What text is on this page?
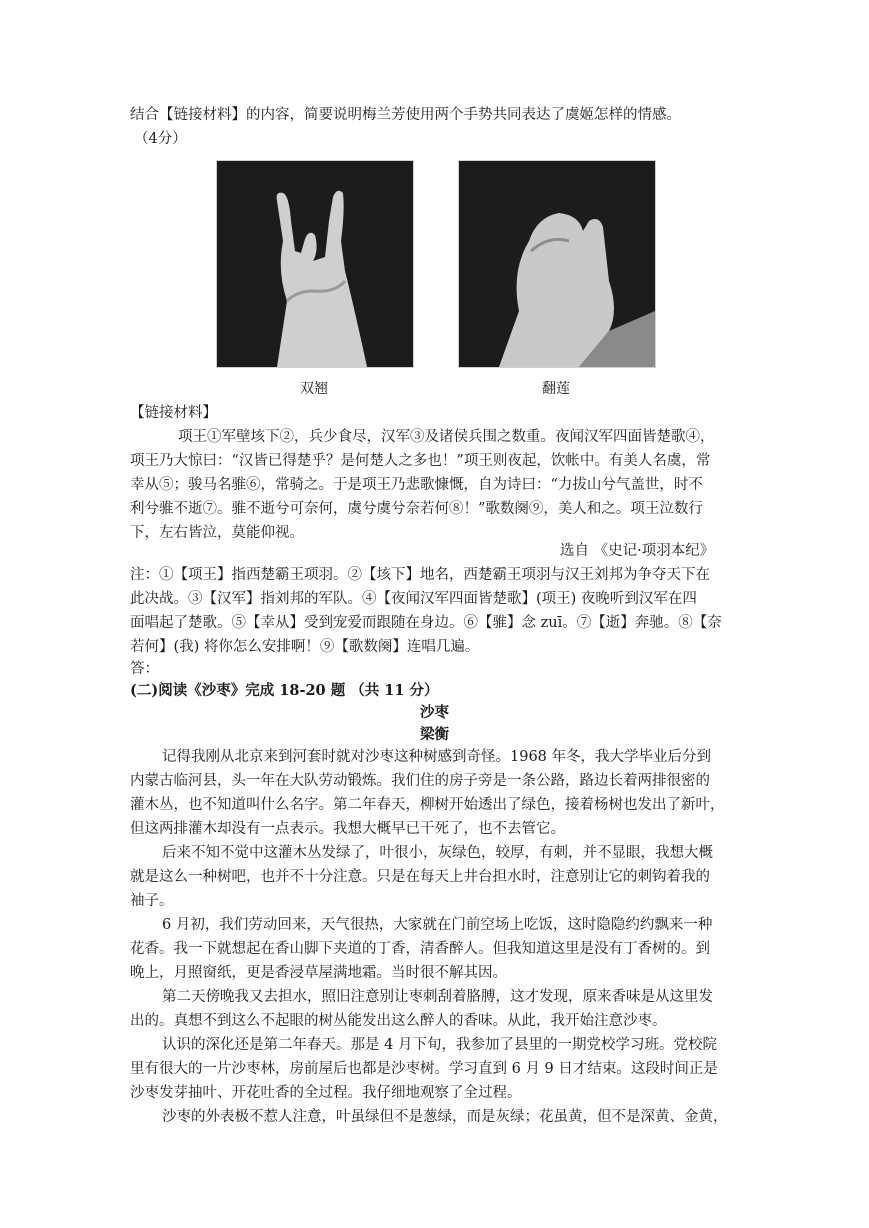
结合【链接材料】的内容，简要说明梅兰芳使用两个手势共同表达了虞姬怎样的情感。
（4分）
双翘	翻莲
【链接材料】
项王①军壁垓下②，兵少食尽，汉军③及诸侯兵围之数重。夜闻汉军四面皆楚歌④，
项王乃大惊曰：“汉皆已得楚乎？是何楚人之多也！”项王则夜起，饮帐中。有美人名虞，常
幸从⑤；骏马名骓⑥，常骑之。于是项王乃悲歌慷慨，自为诗曰：“力拔山兮气盖世，时不
利兮骓不逝⑦。骓不逝兮可奈何，虞兮虞兮奈若何⑧！”歌数阕⑨，美人和之。项王泣数行
下，左右皆泣，莫能仰视。
选自 《史记·项羽本纪》
注：①【项王】指西楚霸王项羽。②【垓下】地名，西楚霸王项羽与汉王刘邦为争夺天下在
此决战。③【汉军】指刘邦的军队。④【夜闻汉军四面皆楚歌】(项王) 夜晚听到汉军在四
面唱起了楚歌。⑤【幸从】受到宠爱而跟随在身边。⑥【骓】念 zuī。⑦【逝】奔驰。⑧【奈
若何】(我) 将你怎么安排啊！⑨【歌数阕】连唱几遍。
答：
(二)阅读《沙枣》完成 18-20 题 （共 11 分）
沙枣
梁衡
记得我刚从北京来到河套时就对沙枣这种树感到奇怪。1968 年冬，我大学毕业后分到
内蒙古临河县，头一年在大队劳动锻炼。我们住的房子旁是一条公路，路边长着两排很密的
灌木丛，也不知道叫什么名字。第二年春天，柳树开始透出了绿色，接着杨树也发出了新叶，
但这两排灌木却没有一点表示。我想大概早已干死了，也不去管它。
后来不知不觉中这灌木丛发绿了，叶很小，灰绿色，较厚，有刺，并不显眼，我想大概
就是这么一种树吧，也并不十分注意。只是在每天上井台担水时，注意别让它的刺钩着我的
袖子。
6 月初，我们劳动回来，天气很热，大家就在门前空场上吃饭，这时隐隐约约飘来一种
花香。我一下就想起在香山脚下夹道的丁香，清香醉人。但我知道这里是没有丁香树的。到
晚上，月照窗纸，更是香浸草屋满地霜。当时很不解其因。
第二天傍晚我又去担水，照旧注意别让枣刺刮着胳膊，这才发现，原来香味是从这里发
出的。真想不到这么不起眼的树丛能发出这么醉人的香味。从此，我开始注意沙枣。
认识的深化还是第二年春天。那是 4 月下旬，我参加了县里的一期党校学习班。党校院
里有很大的一片沙枣林，房前屋后也都是沙枣树。学习直到 6 月 9 日才结束。这段时间正是
沙枣发芽抽叶、开花吐香的全过程。我仔细地观察了全过程。
沙枣的外表极不惹人注意，叶虽绿但不是葱绿，而是灰绿；花虽黄，但不是深黄、金黄，
